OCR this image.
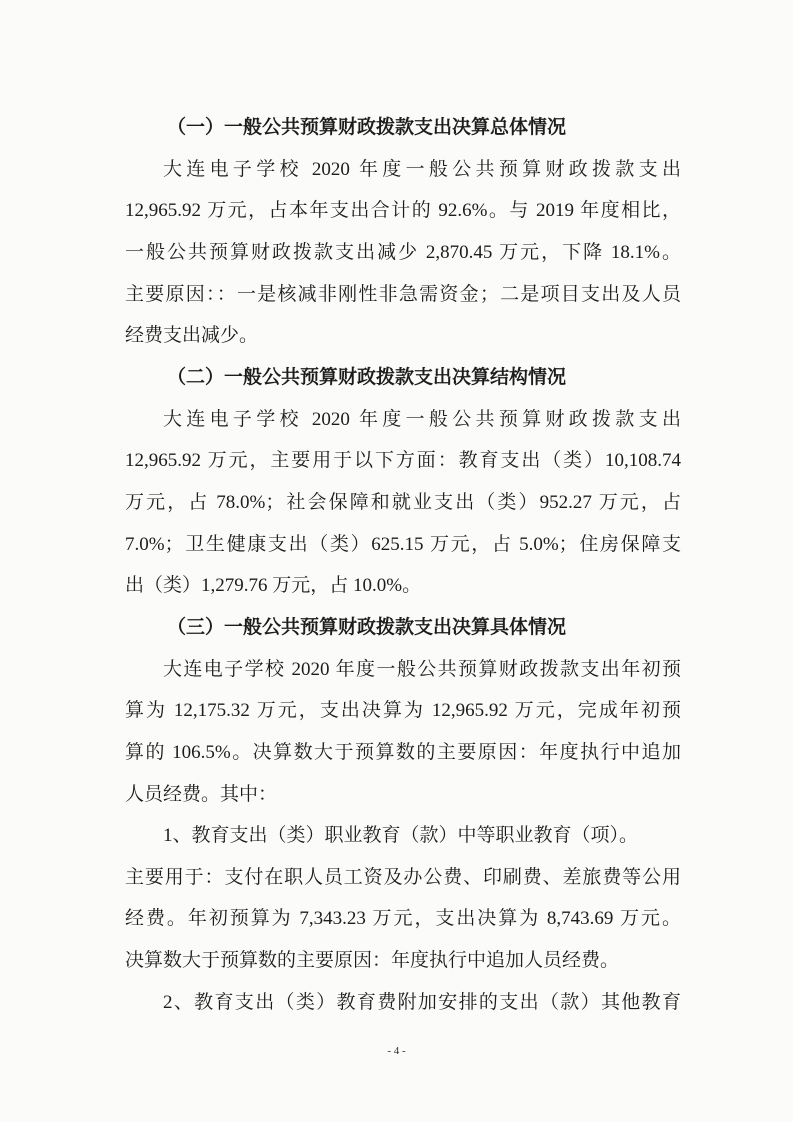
（一）一般公共预算财政拨款支出决算总体情况
大连电子学校 2020 年度一般公共预算财政拨款支出
12,965.92 万元，占本年支出合计的 92.6%。与 2019 年度相比，
一般公共预算财政拨款支出减少 2,870.45 万元，下降 18.1%。
主要原因：：一是核减非刚性非急需资金；二是项目支出及人员
经费支出减少。
（二）一般公共预算财政拨款支出决算结构情况
大连电子学校 2020 年度一般公共预算财政拨款支出
12,965.92 万元，主要用于以下方面：教育支出（类）10,108.74
万元，占 78.0%；社会保障和就业支出（类）952.27 万元，占
7.0%；卫生健康支出（类）625.15 万元，占 5.0%；住房保障支
出（类）1,279.76 万元，占 10.0%。
（三）一般公共预算财政拨款支出决算具体情况
大连电子学校 2020 年度一般公共预算财政拨款支出年初预
算为 12,175.32 万元，支出决算为 12,965.92 万元，完成年初预
算的 106.5%。决算数大于预算数的主要原因：年度执行中追加
人员经费。其中：
1、教育支出（类）职业教育（款）中等职业教育（项）。
主要用于：支付在职人员工资及办公费、印刷费、差旅费等公用
经费。年初预算为 7,343.23 万元，支出决算为 8,743.69 万元。
决算数大于预算数的主要原因：年度执行中追加人员经费。
2、教育支出（类）教育费附加安排的支出（款）其他教育
- 4 -
